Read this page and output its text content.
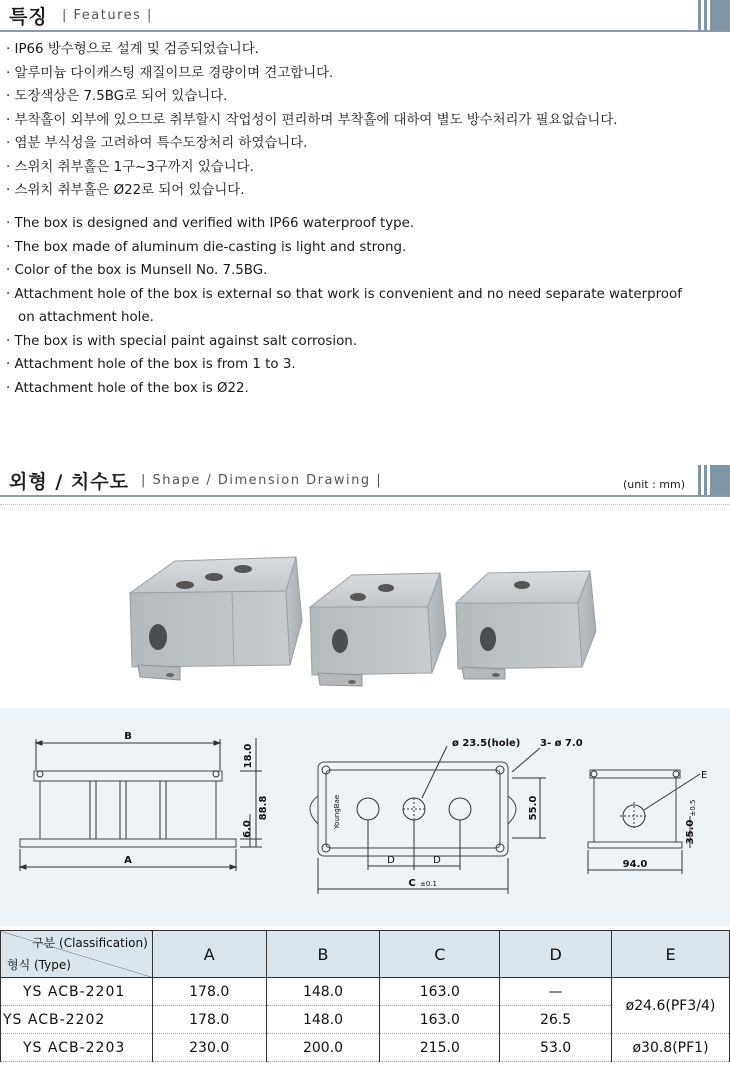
특징 | Features |
· IP66 방수형으로 설계 및 검증되었습니다.
· 알루미늄 다이캐스팅 재질이므로 경량이며 견고합니다.
· 도장색상은 7.5BG로 되어 있습니다.
· 부착홀이 외부에 있으므로 취부할시 작업성이 편리하며 부착홀에 대하여 별도 방수처리가 필요없습니다.
· 염분 부식성을 고려하여 특수도장처리 하였습니다.
· 스위치 취부홀은 1구~3구까지 있습니다.
· 스위치 취부홀은 Ø22로 되어 있습니다.
· The box is designed and verified with IP66 waterproof type.
· The box made of aluminum die-casting is light and strong.
· Color of the box is Munsell No. 7.5BG.
· Attachment hole of the box is external so that work is convenient and no need separate waterproof
on attachment hole.
· The box is with special paint against salt corrosion.
· Attachment hole of the box is from 1 to 3.
· Attachment hole of the box is Ø22.
외형 / 치수도 | Shape / Dimension Drawing |	(unit : mm)
B
A
18.0
88.8
6.0	YoungBae
ø 23.5(hole) 3- ø 7.0
55.0
D	D
C ±0.1
E
±0.5
35.0
94.0
구분 (Classification)
형식 (Type)	A	B	C	D	E
YS ACB-2201	178.0	148.0	163.0	—	ø24.6(PF3/4)
YS ACB-2202	178.0	148.0	163.0	26.5	
YS ACB-2203	230.0	200.0	215.0	53.0	ø30.8(PF1)
